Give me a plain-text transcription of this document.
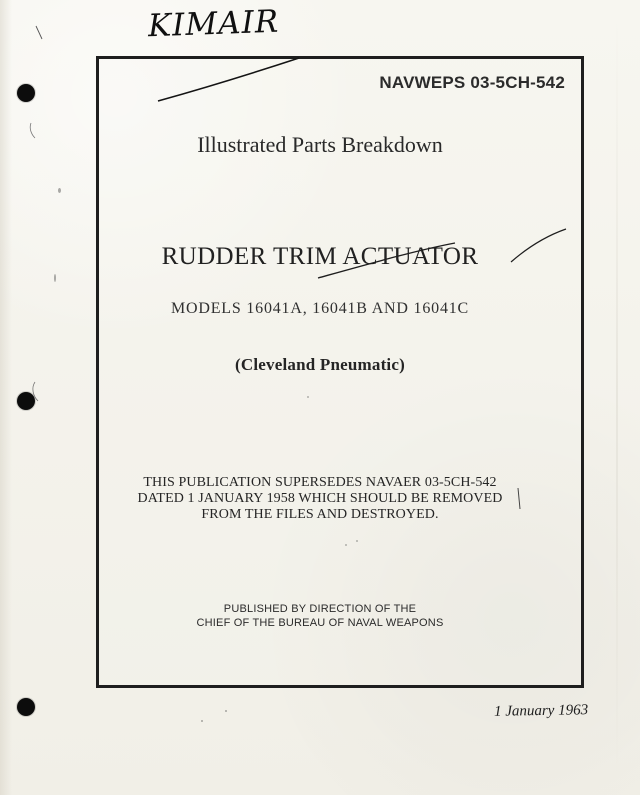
KIMAIR
NAVWEPS 03-5CH-542
Illustrated Parts Breakdown
RUDDER TRIM ACTUATOR
MODELS 16041A, 16041B AND 16041C
(Cleveland Pneumatic)
THIS PUBLICATION SUPERSEDES NAVAER 03-5CH-542
DATED 1 JANUARY 1958 WHICH SHOULD BE REMOVED
FROM THE FILES AND DESTROYED.
PUBLISHED BY DIRECTION OF THE
CHIEF OF THE BUREAU OF NAVAL WEAPONS
1 January 1963
